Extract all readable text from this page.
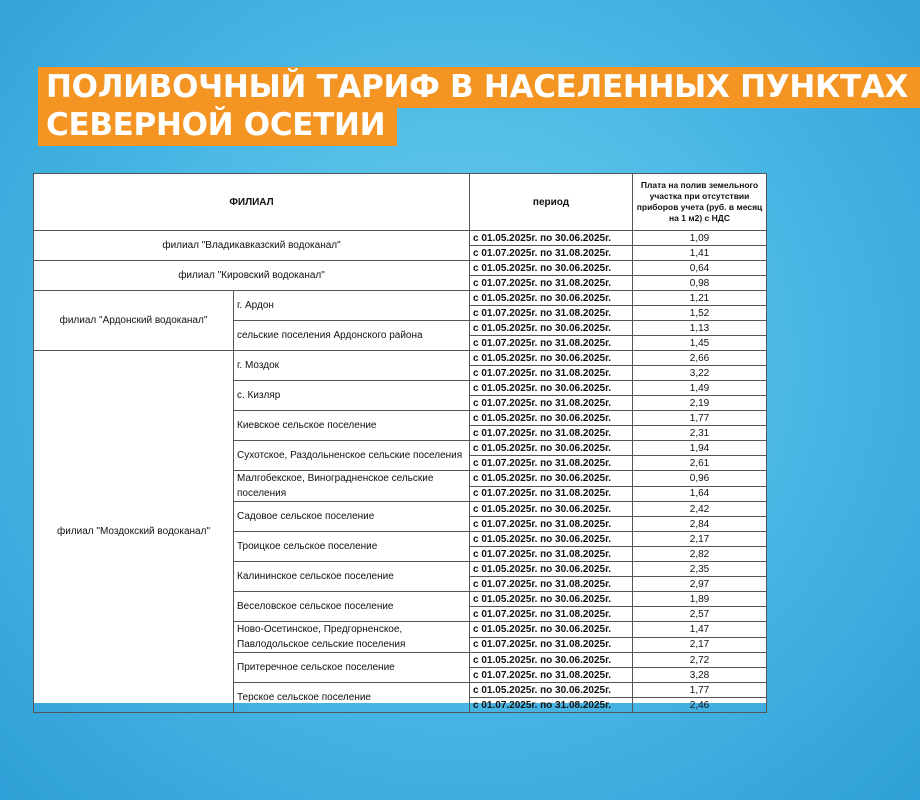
ПОЛИВОЧНЫЙ ТАРИФ В НАСЕЛЕННЫХ ПУНКТАХ
СЕВЕРНОЙ ОСЕТИИ
ФИЛИАЛ		период	Плата на полив земельного участка при отсутствии приборов учета (руб. в месяц на 1 м2) с НДС
филиал "Владикавказский водоканал"		с 01.05.2025г. по 30.06.2025г.	1,09
		с 01.07.2025г. по 31.08.2025г.	1,41
филиал "Кировский водоканал"		с 01.05.2025г. по 30.06.2025г.	0,64
		с 01.07.2025г. по 31.08.2025г.	0,98
филиал "Ардонский водоканал"	г. Ардон	с 01.05.2025г. по 30.06.2025г.	1,21
		с 01.07.2025г. по 31.08.2025г.	1,52
	сельские поселения Ардонского района	с 01.05.2025г. по 30.06.2025г.	1,13
		с 01.07.2025г. по 31.08.2025г.	1,45
филиал "Моздокский водоканал"	г. Моздок	с 01.05.2025г. по 30.06.2025г.	2,66
		с 01.07.2025г. по 31.08.2025г.	3,22
	с. Кизляр	с 01.05.2025г. по 30.06.2025г.	1,49
		с 01.07.2025г. по 31.08.2025г.	2,19
	Киевское сельское поселение	с 01.05.2025г. по 30.06.2025г.	1,77
		с 01.07.2025г. по 31.08.2025г.	2,31
	Сухотское, Раздольненское сельские поселения	с 01.05.2025г. по 30.06.2025г.	1,94
		с 01.07.2025г. по 31.08.2025г.	2,61
	Малгобекское, Виноградненское сельские поселения	с 01.05.2025г. по 30.06.2025г.	0,96
		с 01.07.2025г. по 31.08.2025г.	1,64
	Садовое сельское поселение	с 01.05.2025г. по 30.06.2025г.	2,42
		с 01.07.2025г. по 31.08.2025г.	2,84
	Троицкое сельское поселение	с 01.05.2025г. по 30.06.2025г.	2,17
		с 01.07.2025г. по 31.08.2025г.	2,82
	Калининское сельское поселение	с 01.05.2025г. по 30.06.2025г.	2,35
		с 01.07.2025г. по 31.08.2025г.	2,97
	Веселовское сельское поселение	с 01.05.2025г. по 30.06.2025г.	1,89
		с 01.07.2025г. по 31.08.2025г.	2,57
	Ново-Осетинское, Предгорненское, Павлодольское сельские поселения	с 01.05.2025г. по 30.06.2025г.	1,47
		с 01.07.2025г. по 31.08.2025г.	2,17
	Притеречное сельское поселение	с 01.05.2025г. по 30.06.2025г.	2,72
		с 01.07.2025г. по 31.08.2025г.	3,28
	Терское сельское поселение	с 01.05.2025г. по 30.06.2025г.	1,77
		с 01.07.2025г. по 31.08.2025г.	2,46
